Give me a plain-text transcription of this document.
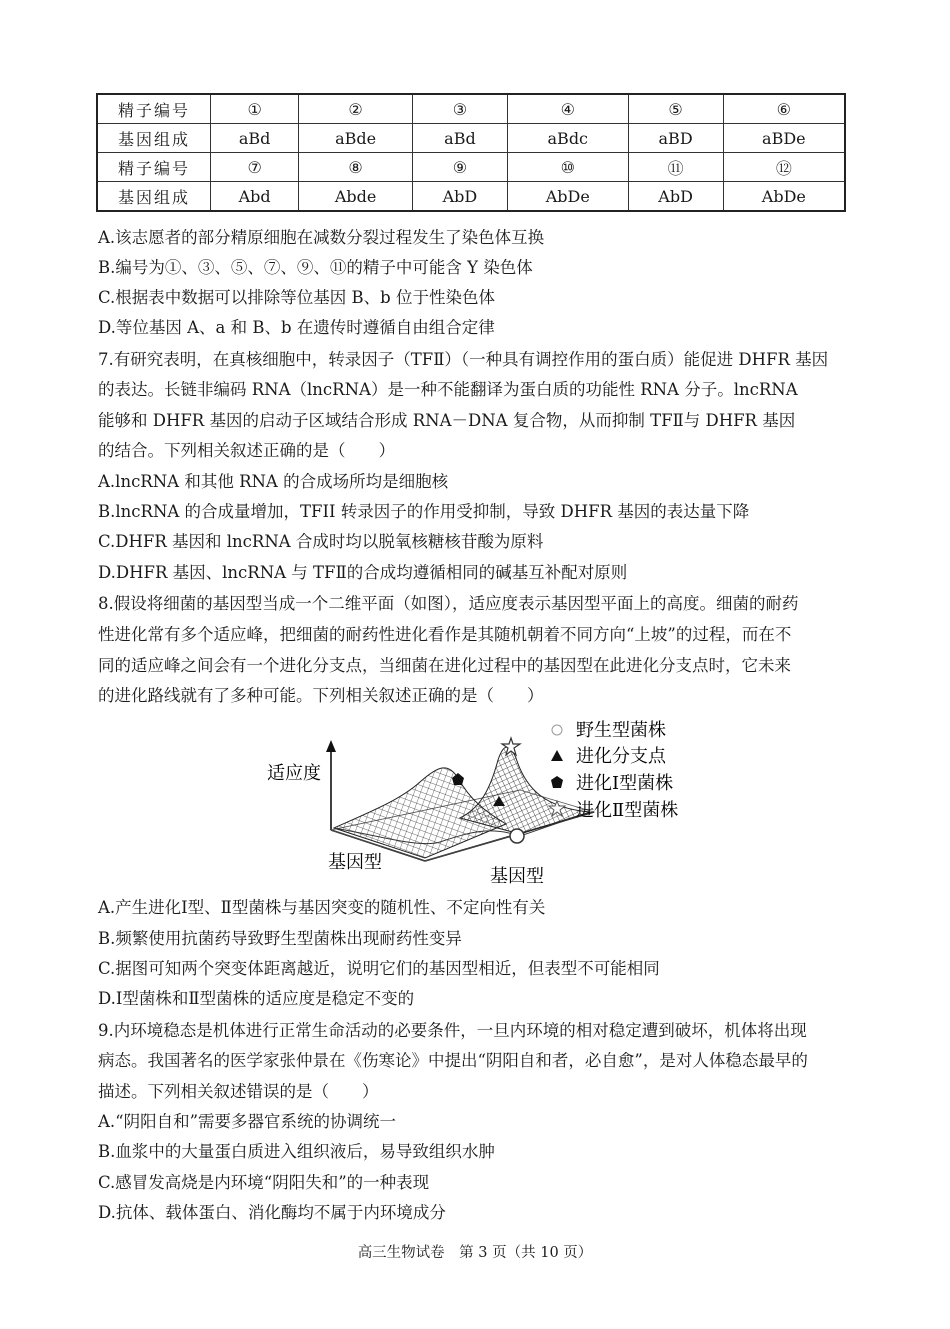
精子编号	①	②	③	④	⑤	⑥
基因组成	aBd	aBde	aBd	aBdc	aBD	aBDe
精子编号	⑦	⑧	⑨	⑩	⑪	⑫
基因组成	Abd	Abde	AbD	AbDe	AbD	AbDe
A.该志愿者的部分精原细胞在减数分裂过程发生了染色体互换
B.编号为①、③、⑤、⑦、⑨、⑪的精子中可能含 Y 染色体
C.根据表中数据可以排除等位基因 B、b 位于性染色体
D.等位基因 A、a 和 B、b 在遗传时遵循自由组合定律
7.有研究表明，在真核细胞中，转录因子（TFⅡ）（一种具有调控作用的蛋白质）能促进 DHFR 基因
的表达。长链非编码 RNA（lncRNA）是一种不能翻译为蛋白质的功能性 RNA 分子。lncRNA
能够和 DHFR 基因的启动子区域结合形成 RNA－DNA 复合物，从而抑制 TFⅡ与 DHFR 基因
的结合。下列相关叙述正确的是（　　）
A.lncRNA 和其他 RNA 的合成场所均是细胞核
B.lncRNA 的合成量增加，TFII 转录因子的作用受抑制，导致 DHFR 基因的表达量下降
C.DHFR 基因和 lncRNA 合成时均以脱氧核糖核苷酸为原料
D.DHFR 基因、lncRNA 与 TFⅡ的合成均遵循相同的碱基互补配对原则
8.假设将细菌的基因型当成一个二维平面（如图），适应度表示基因型平面上的高度。细菌的耐药
性进化常有多个适应峰，把细菌的耐药性进化看作是其随机朝着不同方向“上坡”的过程，而在不
同的适应峰之间会有一个进化分支点，当细菌在进化过程中的基因型在此进化分支点时，它未来
的进化路线就有了多种可能。下列相关叙述正确的是（　　）
适应度
基因型
基因型
野生型菌株
进化分支点
进化Ⅰ型菌株
进化Ⅱ型菌株
A.产生进化Ⅰ型、Ⅱ型菌株与基因突变的随机性、不定向性有关
B.频繁使用抗菌药导致野生型菌株出现耐药性变异
C.据图可知两个突变体距离越近，说明它们的基因型相近，但表型不可能相同
D.Ⅰ型菌株和Ⅱ型菌株的适应度是稳定不变的
9.内环境稳态是机体进行正常生命活动的必要条件，一旦内环境的相对稳定遭到破坏，机体将出现
病态。我国著名的医学家张仲景在《伤寒论》中提出“阴阳自和者，必自愈”，是对人体稳态最早的
描述。下列相关叙述错误的是（　　）
A.“阴阳自和”需要多器官系统的协调统一
B.血浆中的大量蛋白质进入组织液后，易导致组织水肿
C.感冒发高烧是内环境“阴阳失和”的一种表现
D.抗体、载体蛋白、消化酶均不属于内环境成分
高三生物试卷　第 3 页（共 10 页）
